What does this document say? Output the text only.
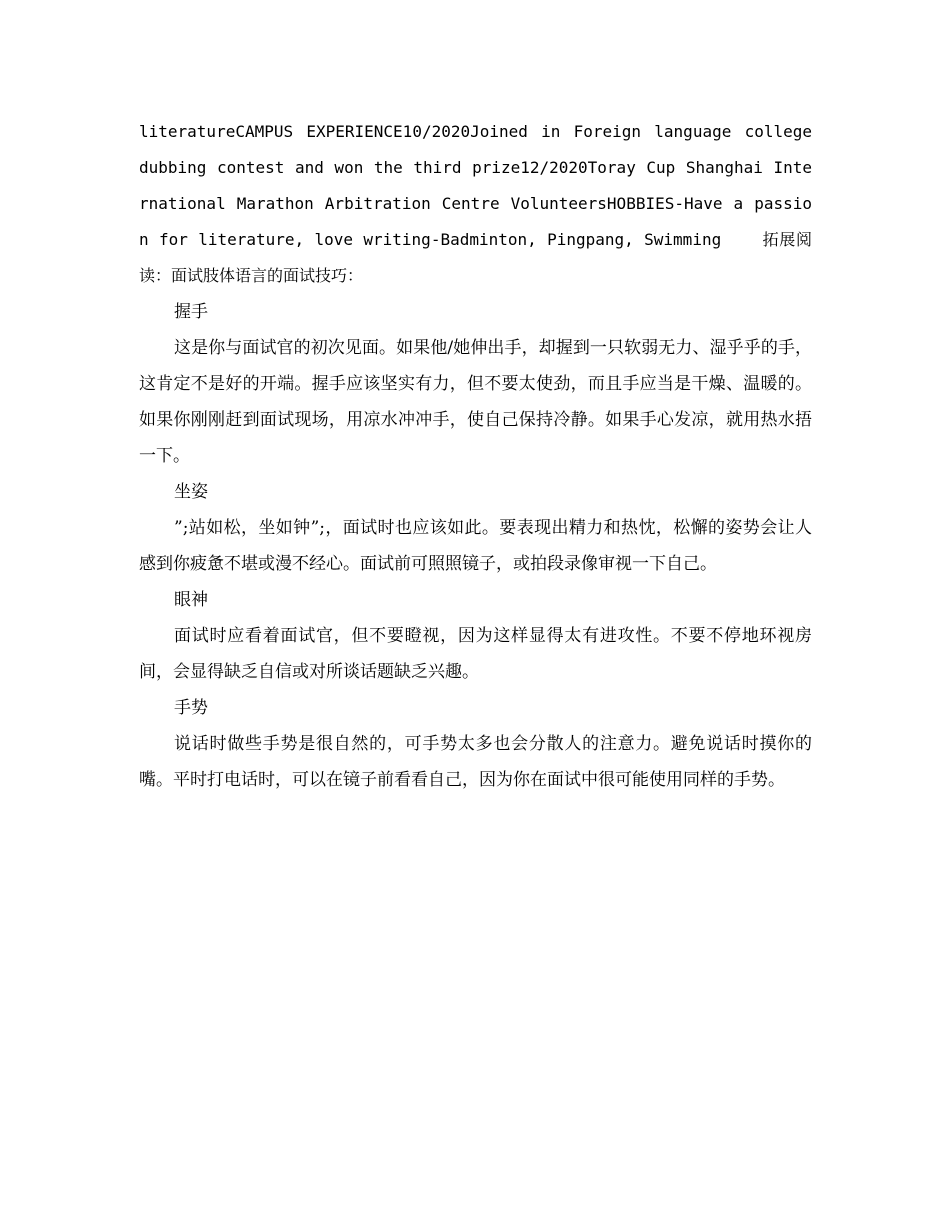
literatureCAMPUS EXPERIENCE10/2020Joined in Foreign language college dubbing contest and won the third prize12/2020Toray Cup Shanghai International Marathon Arbitration Centre VolunteersHOBBIES-Have a passion for literature, love writing-Badminton, Pingpang, Swimming	拓展阅读：面试肢体语言的面试技巧：

握手

这是你与面试官的初次见面。如果他/她伸出手，却握到一只软弱无力、湿乎乎的手，这肯定不是好的开端。握手应该坚实有力，但不要太使劲，而且手应当是干燥、温暖的。如果你刚刚赶到面试现场，用凉水冲冲手，使自己保持冷静。如果手心发凉，就用热水捂一下。

坐姿

”;站如松，坐如钟”;，面试时也应该如此。要表现出精力和热忱，松懈的姿势会让人感到你疲惫不堪或漫不经心。面试前可照照镜子，或拍段录像审视一下自己。

眼神

面试时应看着面试官，但不要瞪视，因为这样显得太有进攻性。不要不停地环视房间，会显得缺乏自信或对所谈话题缺乏兴趣。

手势

说话时做些手势是很自然的，可手势太多也会分散人的注意力。避免说话时摸你的嘴。平时打电话时，可以在镜子前看看自己，因为你在面试中很可能使用同样的手势。
